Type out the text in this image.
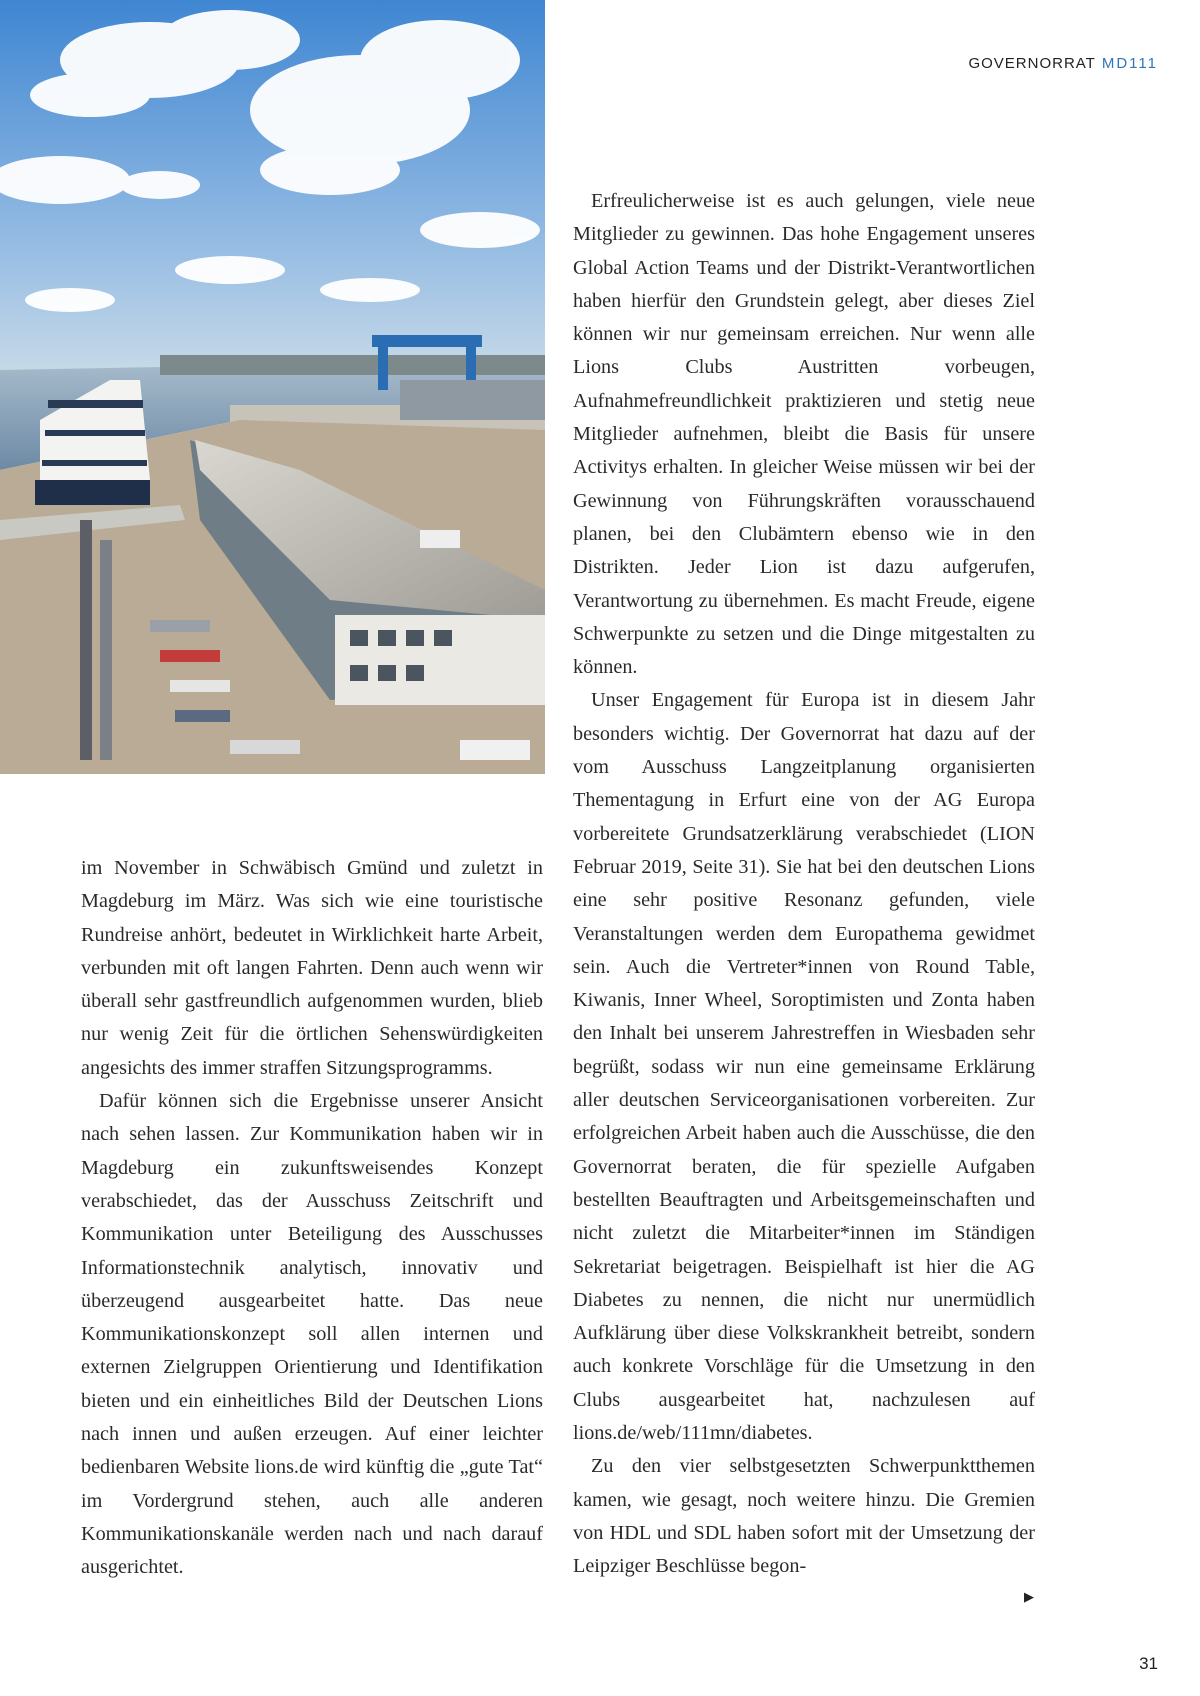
GOVERNORRAT MD111

im November in Schwäbisch Gmünd und zuletzt in Magdeburg im März. Was sich wie eine touristische Rundreise anhört, bedeutet in Wirklichkeit harte Arbeit, verbunden mit oft langen Fahrten. Denn auch wenn wir überall sehr gastfreundlich aufgenommen wurden, blieb nur wenig Zeit für die örtlichen Sehenswürdigkeiten angesichts des immer straffen Sitzungsprogramms.

Dafür können sich die Ergebnisse unserer Ansicht nach sehen lassen. Zur Kommunikation haben wir in Magdeburg ein zukunftsweisendes Konzept verabschiedet, das der Ausschuss Zeitschrift und Kommunikation unter Beteiligung des Ausschusses Informationstechnik analytisch, innovativ und überzeugend ausgearbeitet hatte. Das neue Kommunikationskonzept soll allen internen und externen Zielgruppen Orientierung und Identifikation bieten und ein einheitliches Bild der Deutschen Lions nach innen und außen erzeugen. Auf einer leichter bedienbaren Website lions.de wird künftig die „gute Tat“ im Vordergrund stehen, auch alle anderen Kommunikationskanäle werden nach und nach darauf ausgerichtet.

Erfreulicherweise ist es auch gelungen, viele neue Mitglieder zu gewinnen. Das hohe Engagement unseres Global Action Teams und der Distrikt-Verantwortlichen haben hierfür den Grundstein gelegt, aber dieses Ziel können wir nur gemeinsam erreichen. Nur wenn alle Lions Clubs Austritten vorbeugen, Aufnahmefreundlichkeit praktizieren und stetig neue Mitglieder aufnehmen, bleibt die Basis für unsere Activitys erhalten. In gleicher Weise müssen wir bei der Gewinnung von Führungskräften vorausschauend planen, bei den Clubämtern ebenso wie in den Distrikten. Jeder Lion ist dazu aufgerufen, Verantwortung zu übernehmen. Es macht Freude, eigene Schwerpunkte zu setzen und die Dinge mitgestalten zu können.

Unser Engagement für Europa ist in diesem Jahr besonders wichtig. Der Governorrat hat dazu auf der vom Ausschuss Langzeitplanung organisierten Thementagung in Erfurt eine von der AG Europa vorbereitete Grundsatzerklärung verabschiedet (LION Februar 2019, Seite 31). Sie hat bei den deutschen Lions eine sehr positive Resonanz gefunden, viele Veranstaltungen werden dem Europathema gewidmet sein. Auch die Vertreter*innen von Round Table, Kiwanis, Inner Wheel, Soroptimisten und Zonta haben den Inhalt bei unserem Jahrestreffen in Wiesbaden sehr begrüßt, sodass wir nun eine gemeinsame Erklärung aller deutschen Serviceorganisationen vorbereiten. Zur erfolgreichen Arbeit haben auch die Ausschüsse, die den Governorrat beraten, die für spezielle Aufgaben bestellten Beauftragten und Arbeitsgemeinschaften und nicht zuletzt die Mitarbeiter*innen im Ständigen Sekretariat beigetragen. Beispielhaft ist hier die AG Diabetes zu nennen, die nicht nur unermüdlich Aufklärung über diese Volkskrankheit betreibt, sondern auch konkrete Vorschläge für die Umsetzung in den Clubs ausgearbeitet hat, nachzulesen auf lions.de/web/111mn/diabetes.

Zu den vier selbstgesetzten Schwerpunktthemen kamen, wie gesagt, noch weitere hinzu. Die Gremien von HDL und SDL haben sofort mit der Umsetzung der Leipziger Beschlüsse begon-

▶
31
